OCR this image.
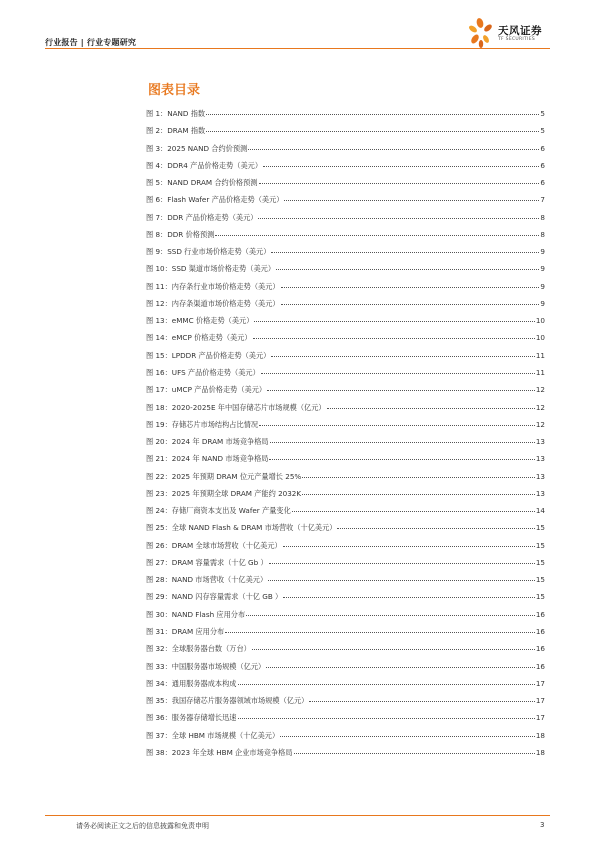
行业报告 | 行业专题研究
天风证券
TF SECURITIES
图表目录
图 1：NAND 指数	5
图 2：DRAM 指数	5
图 3：2025 NAND 合约价预测	6
图 4：DDR4 产品价格走势（美元）	6
图 5：NAND DRAM 合约价格预测	6
图 6：Flash Wafer 产品价格走势（美元）	7
图 7：DDR 产品价格走势（美元）	8
图 8：DDR 价格预测	8
图 9：SSD 行业市场价格走势（美元）	9
图 10：SSD 渠道市场价格走势（美元）	9
图 11：内存条行业市场价格走势（美元）	9
图 12：内存条渠道市场价格走势（美元）	9
图 13：eMMC 价格走势（美元）	10
图 14：eMCP 价格走势（美元）	10
图 15：LPDDR 产品价格走势（美元）	11
图 16：UFS 产品价格走势（美元）	11
图 17：uMCP 产品价格走势（美元）	12
图 18：2020-2025E 年中国存储芯片市场规模（亿元）	12
图 19：存储芯片市场结构占比情况	12
图 20：2024 年 DRAM 市场竞争格局	13
图 21：2024 年 NAND 市场竞争格局	13
图 22：2025 年预期 DRAM 位元产量增长 25%	13
图 23：2025 年预期全球 DRAM 产能约 2032K	13
图 24：存储厂商资本支出及 Wafer 产量变化	14
图 25：全球 NAND Flash & DRAM 市场营收（十亿美元）	15
图 26：DRAM 全球市场营收（十亿美元）	15
图 27：DRAM 容量需求（十亿 Gb ）	15
图 28：NAND 市场营收（十亿美元）	15
图 29：NAND 闪存容量需求（十亿 GB ）	15
图 30：NAND Flash 应用分布	16
图 31：DRAM 应用分布	16
图 32：全球服务器台数（万台）	16
图 33：中国服务器市场规模（亿元）	16
图 34：通用服务器成本构成	17
图 35：我国存储芯片服务器领域市场规模（亿元）	17
图 36：服务器存储增长迅速	17
图 37：全球 HBM 市场规模（十亿美元）	18
图 38：2023 年全球 HBM 企业市场竞争格局	18
请务必阅读正文之后的信息披露和免责申明	3
